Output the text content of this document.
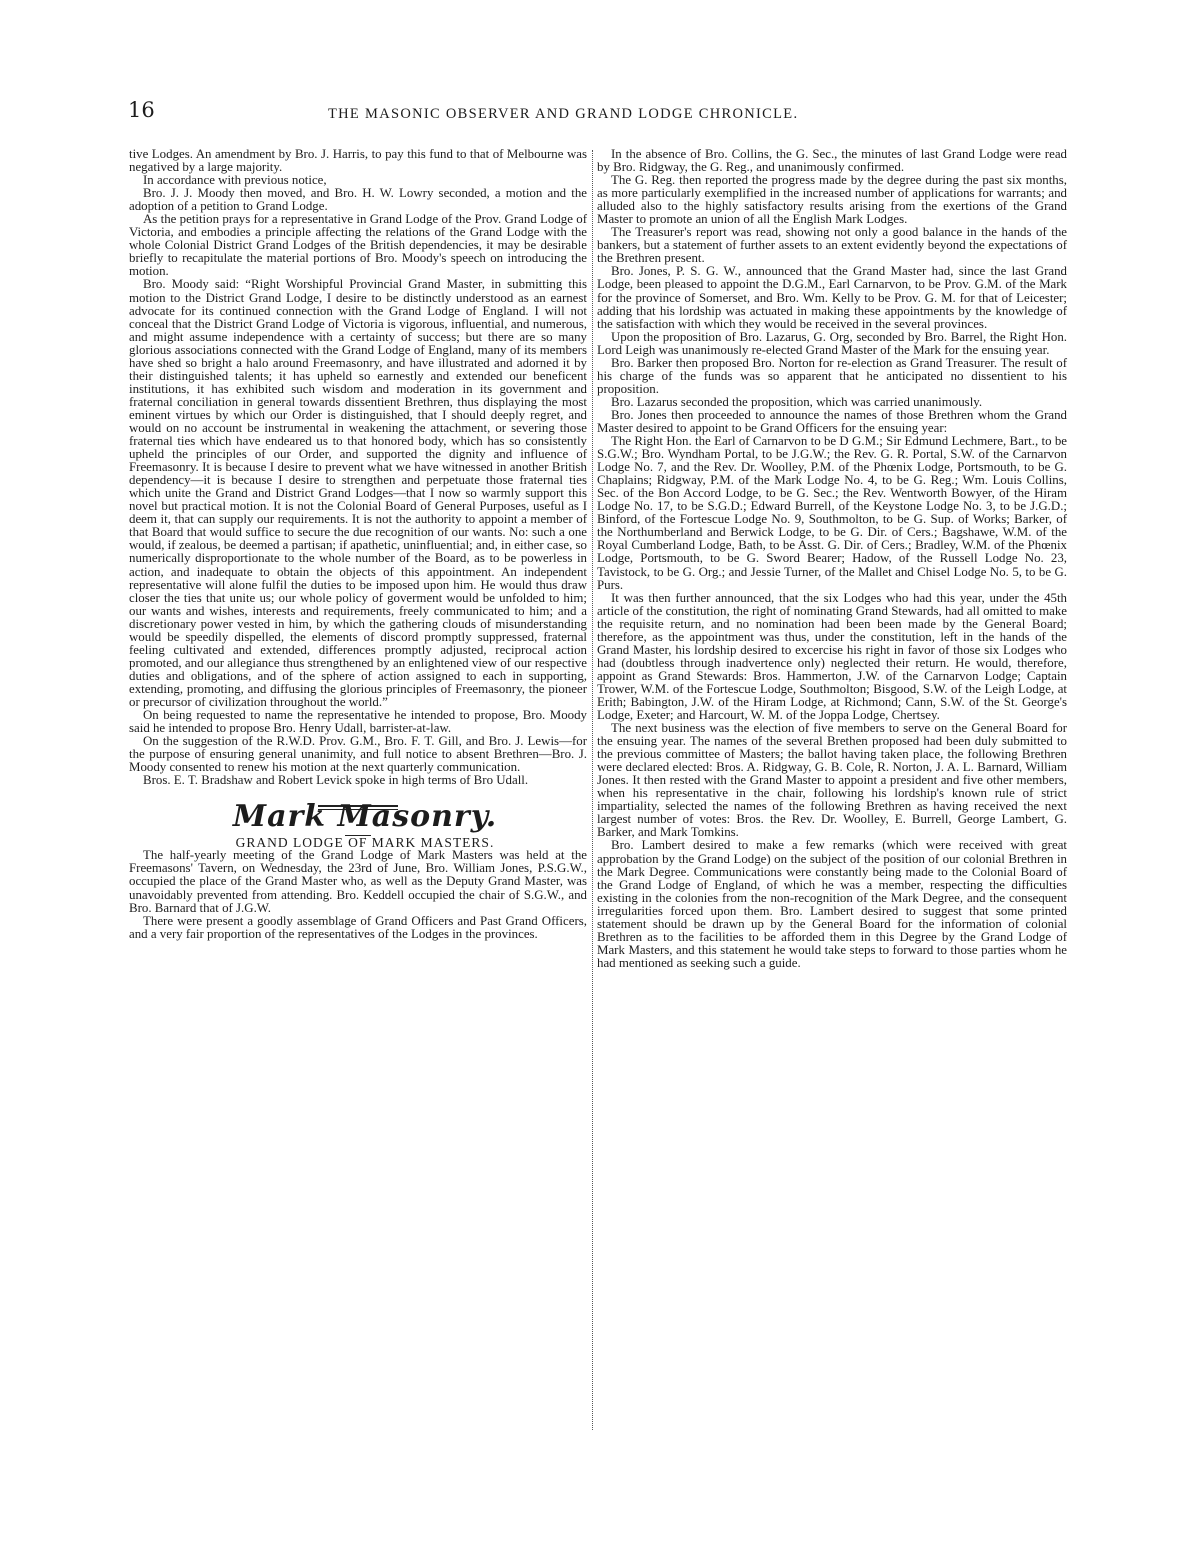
16	THE MASONIC OBSERVER AND GRAND LODGE CHRONICLE.

tive Lodges. An amendment by Bro. J. Harris, to pay this fund to that of Melbourne was negatived by a large majority.

In accordance with previous notice,

Bro. J. J. Moody then moved, and Bro. H. W. Lowry seconded, a motion and the adoption of a petition to Grand Lodge.

As the petition prays for a representative in Grand Lodge of the Prov. Grand Lodge of Victoria, and embodies a principle affecting the relations of the Grand Lodge with the whole Colonial District Grand Lodges of the British dependencies, it may be desirable briefly to recapitulate the material portions of Bro. Moody's speech on introducing the motion.

Bro. Moody said: “Right Worshipful Provincial Grand Master, in submitting this motion to the District Grand Lodge, I desire to be distinctly understood as an earnest advocate for its continued connection with the Grand Lodge of England. I will not conceal that the District Grand Lodge of Victoria is vigorous, influential, and numerous, and might assume independence with a certainty of success; but there are so many glorious associations connected with the Grand Lodge of England, many of its members have shed so bright a halo around Freemasonry, and have illustrated and adorned it by their distinguished talents; it has upheld so earnestly and extended our beneficent institutions, it has exhibited such wisdom and moderation in its government and fraternal conciliation in general towards dissentient Brethren, thus displaying the most eminent virtues by which our Order is distinguished, that I should deeply regret, and would on no account be instrumental in weakening the attachment, or severing those fraternal ties which have endeared us to that honored body, which has so consistently upheld the principles of our Order, and supported the dignity and influence of Freemasonry. It is because I desire to prevent what we have witnessed in another British dependency—it is because I desire to strengthen and perpetuate those fraternal ties which unite the Grand and District Grand Lodges—that I now so warmly support this novel but practical motion. It is not the Colonial Board of General Purposes, useful as I deem it, that can supply our requirements. It is not the authority to appoint a member of that Board that would suffice to secure the due recognition of our wants. No: such a one would, if zealous, be deemed a partisan; if apathetic, uninfluential; and, in either case, so numerically disproportionate to the whole number of the Board, as to be powerless in action, and inadequate to obtain the objects of this appointment. An independent representative will alone fulfil the duties to be imposed upon him. He would thus draw closer the ties that unite us; our whole policy of goverment would be unfolded to him; our wants and wishes, interests and requirements, freely communicated to him; and a discretionary power vested in him, by which the gathering clouds of misunderstanding would be speedily dispelled, the elements of discord promptly suppressed, fraternal feeling cultivated and extended, differences promptly adjusted, reciprocal action promoted, and our allegiance thus strengthened by an enlightened view of our respective duties and obligations, and of the sphere of action assigned to each in supporting, extending, promoting, and diffusing the glorious principles of Freemasonry, the pioneer or precursor of civilization throughout the world.”

On being requested to name the representative he intended to propose, Bro. Moody said he intended to propose Bro. Henry Udall, barrister-at-law.

On the suggestion of the R.W.D. Prov. G.M., Bro. F. T. Gill, and Bro. J. Lewis—for the purpose of ensuring general unanimity, and full notice to absent Brethren—Bro. J. Moody consented to renew his motion at the next quarterly communication.

Bros. E. T. Bradshaw and Robert Levick spoke in high terms of Bro Udall.

Mark Masonry.

GRAND LODGE OF MARK MASTERS.

The half-yearly meeting of the Grand Lodge of Mark Masters was held at the Freemasons' Tavern, on Wednesday, the 23rd of June, Bro. William Jones, P.S.G.W., occupied the place of the Grand Master who, as well as the Deputy Grand Master, was unavoidably prevented from attending. Bro. Keddell occupied the chair of S.G.W., and Bro. Barnard that of J.G.W.

There were present a goodly assemblage of Grand Officers and Past Grand Officers, and a very fair proportion of the representatives of the Lodges in the provinces.

In the absence of Bro. Collins, the G. Sec., the minutes of last Grand Lodge were read by Bro. Ridgway, the G. Reg., and unanimously confirmed.

The G. Reg. then reported the progress made by the degree during the past six months, as more particularly exemplified in the increased number of applications for warrants; and alluded also to the highly satisfactory results arising from the exertions of the Grand Master to promote an union of all the English Mark Lodges.

The Treasurer's report was read, showing not only a good balance in the hands of the bankers, but a statement of further assets to an extent evidently beyond the expectations of the Brethren present.

Bro. Jones, P. S. G. W., announced that the Grand Master had, since the last Grand Lodge, been pleased to appoint the D.G.M., Earl Carnarvon, to be Prov. G.M. of the Mark for the province of Somerset, and Bro. Wm. Kelly to be Prov. G. M. for that of Leicester; adding that his lordship was actuated in making these appointments by the knowledge of the satisfaction with which they would be received in the several provinces.

Upon the proposition of Bro. Lazarus, G. Org, seconded by Bro. Barrel, the Right Hon. Lord Leigh was unanimously re-elected Grand Master of the Mark for the ensuing year.

Bro. Barker then proposed Bro. Norton for re-election as Grand Treasurer. The result of his charge of the funds was so apparent that he anticipated no dissentient to his proposition.

Bro. Lazarus seconded the proposition, which was carried unanimously.

Bro. Jones then proceeded to announce the names of those Brethren whom the Grand Master desired to appoint to be Grand Officers for the ensuing year:

The Right Hon. the Earl of Carnarvon to be D G.M.; Sir Edmund Lechmere, Bart., to be S.G.W.; Bro. Wyndham Portal, to be J.G.W.; the Rev. G. R. Portal, S.W. of the Carnarvon Lodge No. 7, and the Rev. Dr. Woolley, P.M. of the Phœnix Lodge, Portsmouth, to be G. Chaplains; Ridgway, P.M. of the Mark Lodge No. 4, to be G. Reg.; Wm. Louis Collins, Sec. of the Bon Accord Lodge, to be G. Sec.; the Rev. Wentworth Bowyer, of the Hiram Lodge No. 17, to be S.G.D.; Edward Burrell, of the Keystone Lodge No. 3, to be J.G.D.; Binford, of the Fortescue Lodge No. 9, Southmolton, to be G. Sup. of Works; Barker, of the Northumberland and Berwick Lodge, to be G. Dir. of Cers.; Bagshawe, W.M. of the Royal Cumberland Lodge, Bath, to be Asst. G. Dir. of Cers.; Bradley, W.M. of the Phœnix Lodge, Portsmouth, to be G. Sword Bearer; Hadow, of the Russell Lodge No. 23, Tavistock, to be G. Org.; and Jessie Turner, of the Mallet and Chisel Lodge No. 5, to be G. Purs.

It was then further announced, that the six Lodges who had this year, under the 45th article of the constitution, the right of nominating Grand Stewards, had all omitted to make the requisite return, and no nomination had been been made by the General Board; therefore, as the appointment was thus, under the constitution, left in the hands of the Grand Master, his lordship desired to excercise his right in favor of those six Lodges who had (doubtless through inadvertence only) neglected their return. He would, therefore, appoint as Grand Stewards: Bros. Hammerton, J.W. of the Carnarvon Lodge; Captain Trower, W.M. of the Fortescue Lodge, Southmolton; Bisgood, S.W. of the Leigh Lodge, at Erith; Babington, J.W. of the Hiram Lodge, at Richmond; Cann, S.W. of the St. George's Lodge, Exeter; and Harcourt, W. M. of the Joppa Lodge, Chertsey.

The next business was the election of five members to serve on the General Board for the ensuing year. The names of the several Brethen proposed had been duly submitted to the previous committee of Masters; the ballot having taken place, the following Brethren were declared elected: Bros. A. Ridgway, G. B. Cole, R. Norton, J. A. L. Barnard, William Jones. It then rested with the Grand Master to appoint a president and five other members, when his representative in the chair, following his lordship's known rule of strict impartiality, selected the names of the following Brethren as having received the next largest number of votes: Bros. the Rev. Dr. Woolley, E. Burrell, George Lambert, G. Barker, and Mark Tomkins.

Bro. Lambert desired to make a few remarks (which were received with great approbation by the Grand Lodge) on the subject of the position of our colonial Brethren in the Mark Degree. Communications were constantly being made to the Colonial Board of the Grand Lodge of England, of which he was a member, respecting the difficulties existing in the colonies from the non-recognition of the Mark Degree, and the consequent irregularities forced upon them. Bro. Lambert desired to suggest that some printed statement should be drawn up by the General Board for the information of colonial Brethren as to the facilities to be afforded them in this Degree by the Grand Lodge of Mark Masters, and this statement he would take steps to forward to those parties whom he had mentioned as seeking such a guide.
